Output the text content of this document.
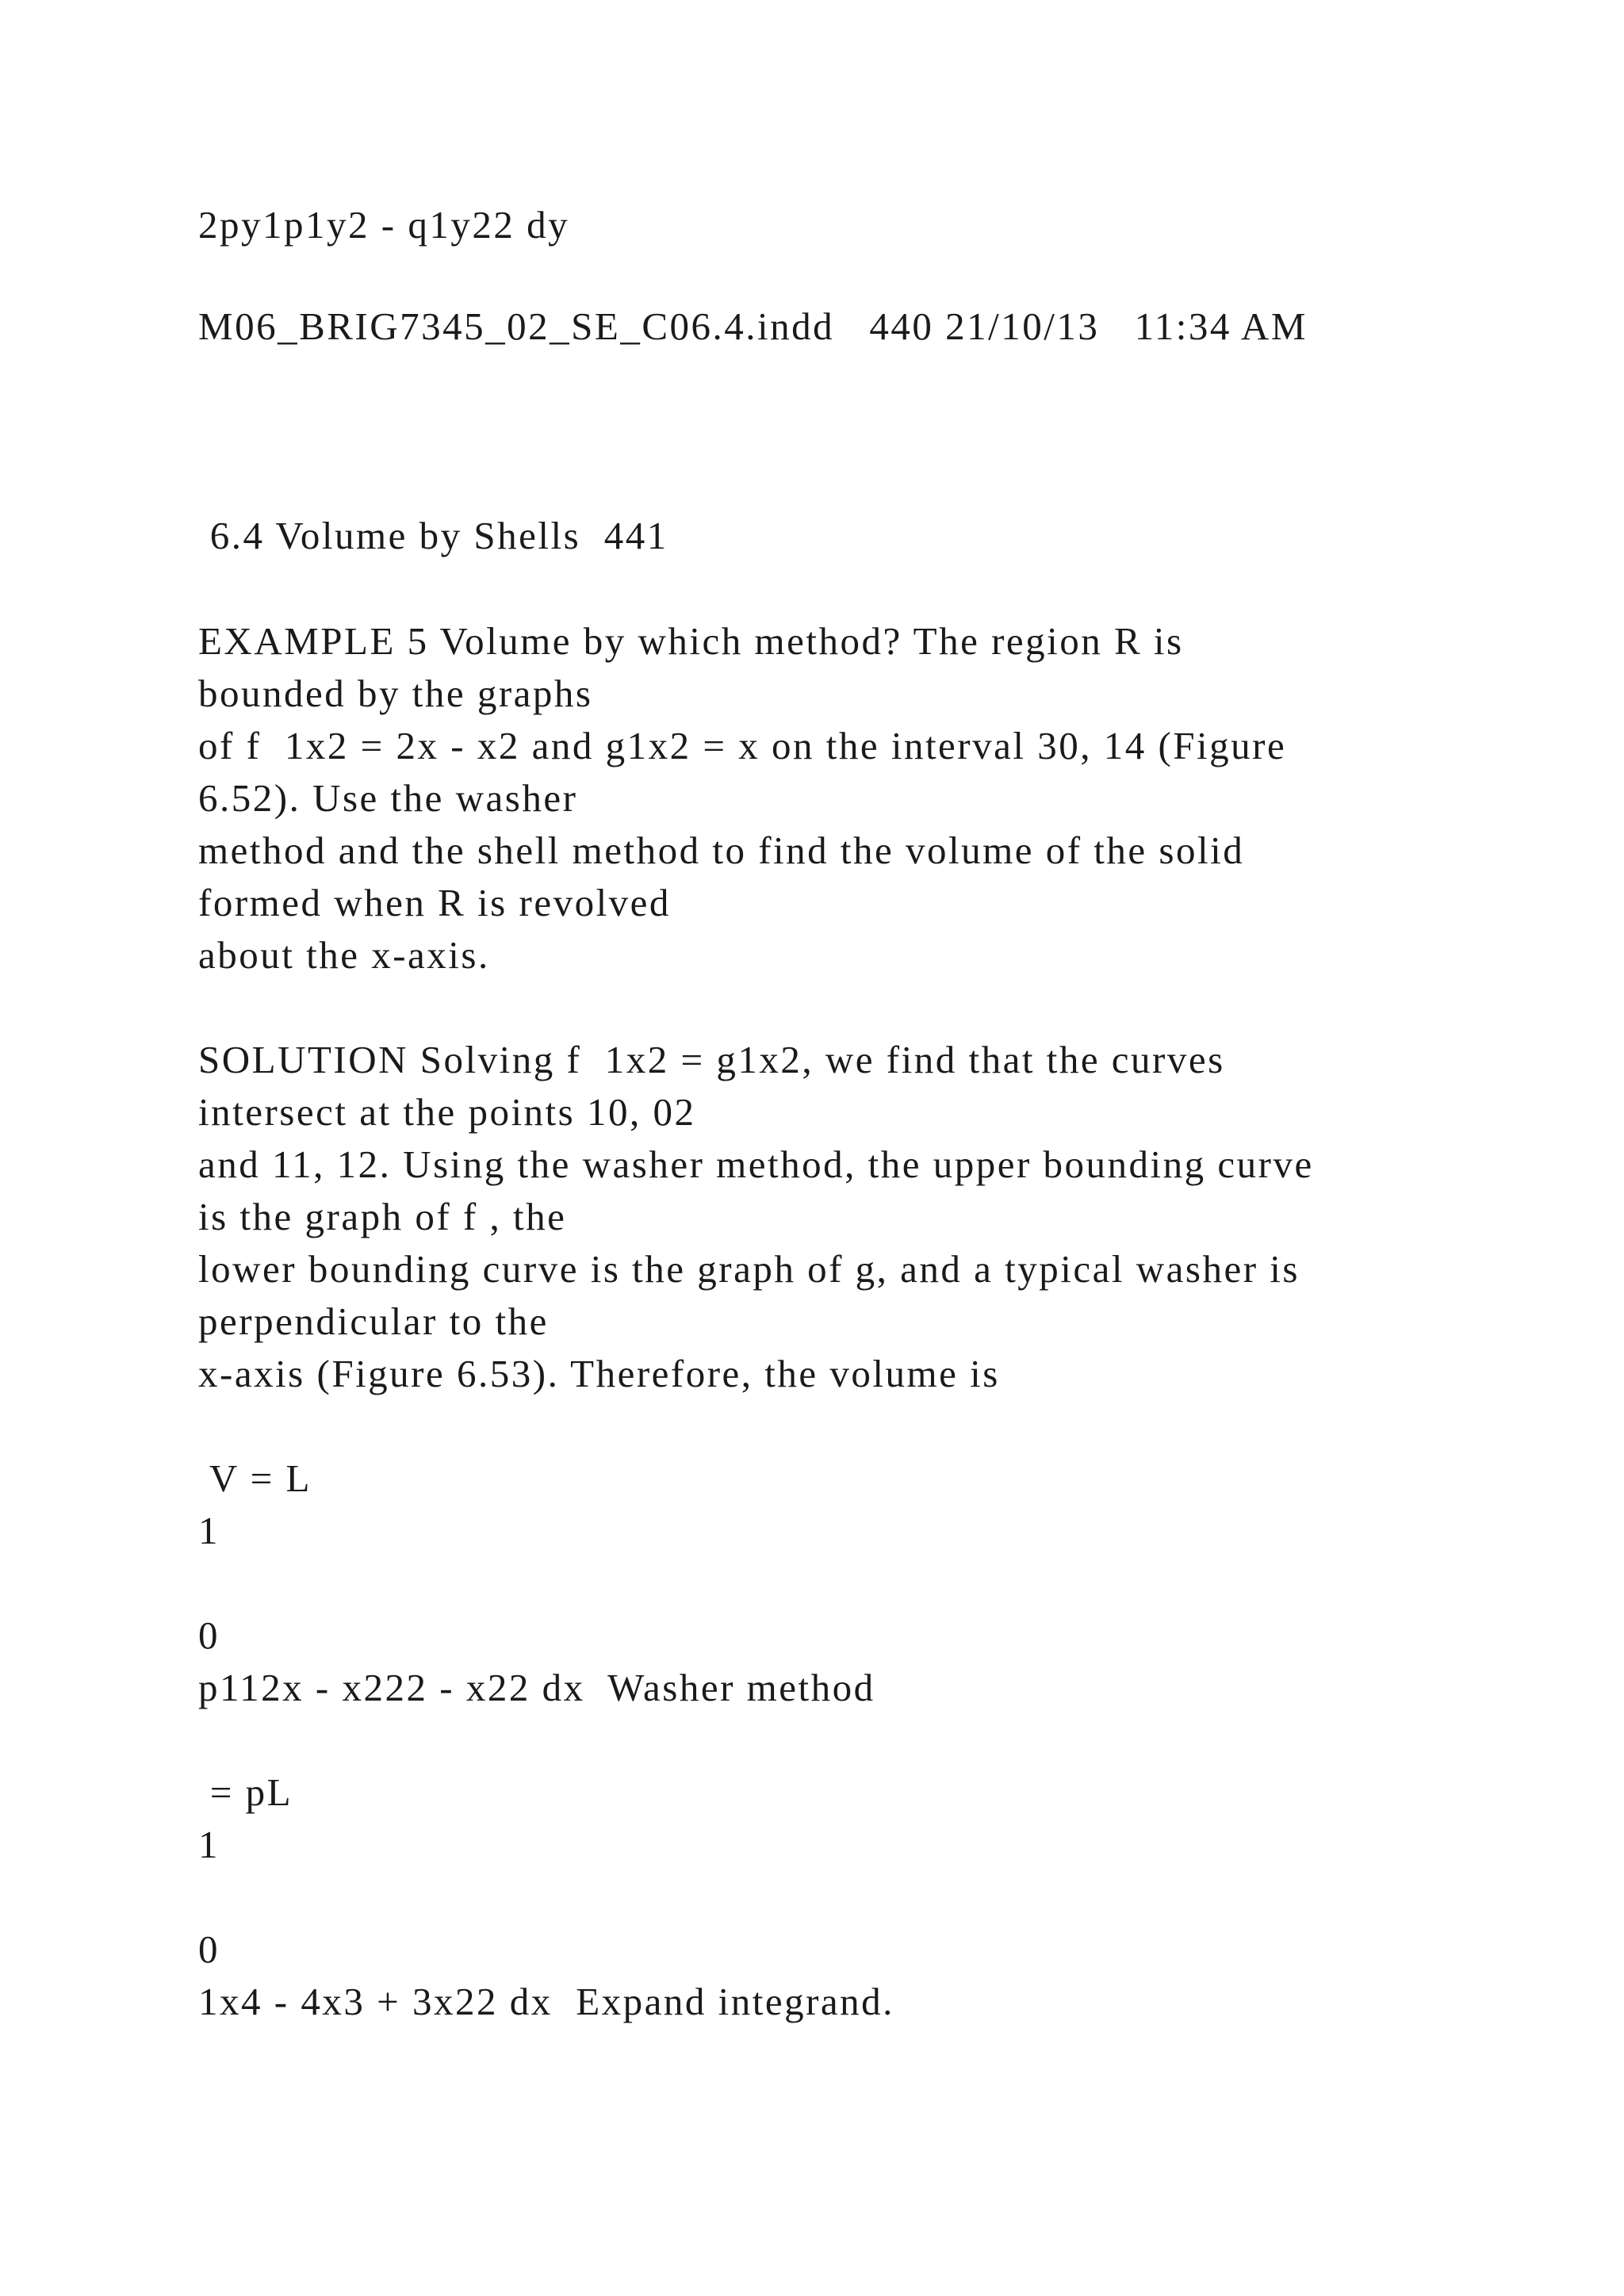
2py1p1y2 - q1y22 dy
M06_BRIG7345_02_SE_C06.4.indd   440 21/10/13   11:34 AM
6.4 Volume by Shells  441
EXAMPLE 5 Volume by which method? The region R is
bounded by the graphs
of f  1x2 = 2x - x2 and g1x2 = x on the interval 30, 14 (Figure
6.52). Use the washer
method and the shell method to find the volume of the solid
formed when R is revolved
about the x-axis.
SOLUTION Solving f  1x2 = g1x2, we find that the curves
intersect at the points 10, 02
and 11, 12. Using the washer method, the upper bounding curve
is the graph of f , the
lower bounding curve is the graph of g, and a typical washer is
perpendicular to the
x-axis (Figure 6.53). Therefore, the volume is
V = L
1
0
p112x - x222 - x22 dx  Washer method
= pL
1
0
1x4 - 4x3 + 3x22 dx  Expand integrand.
